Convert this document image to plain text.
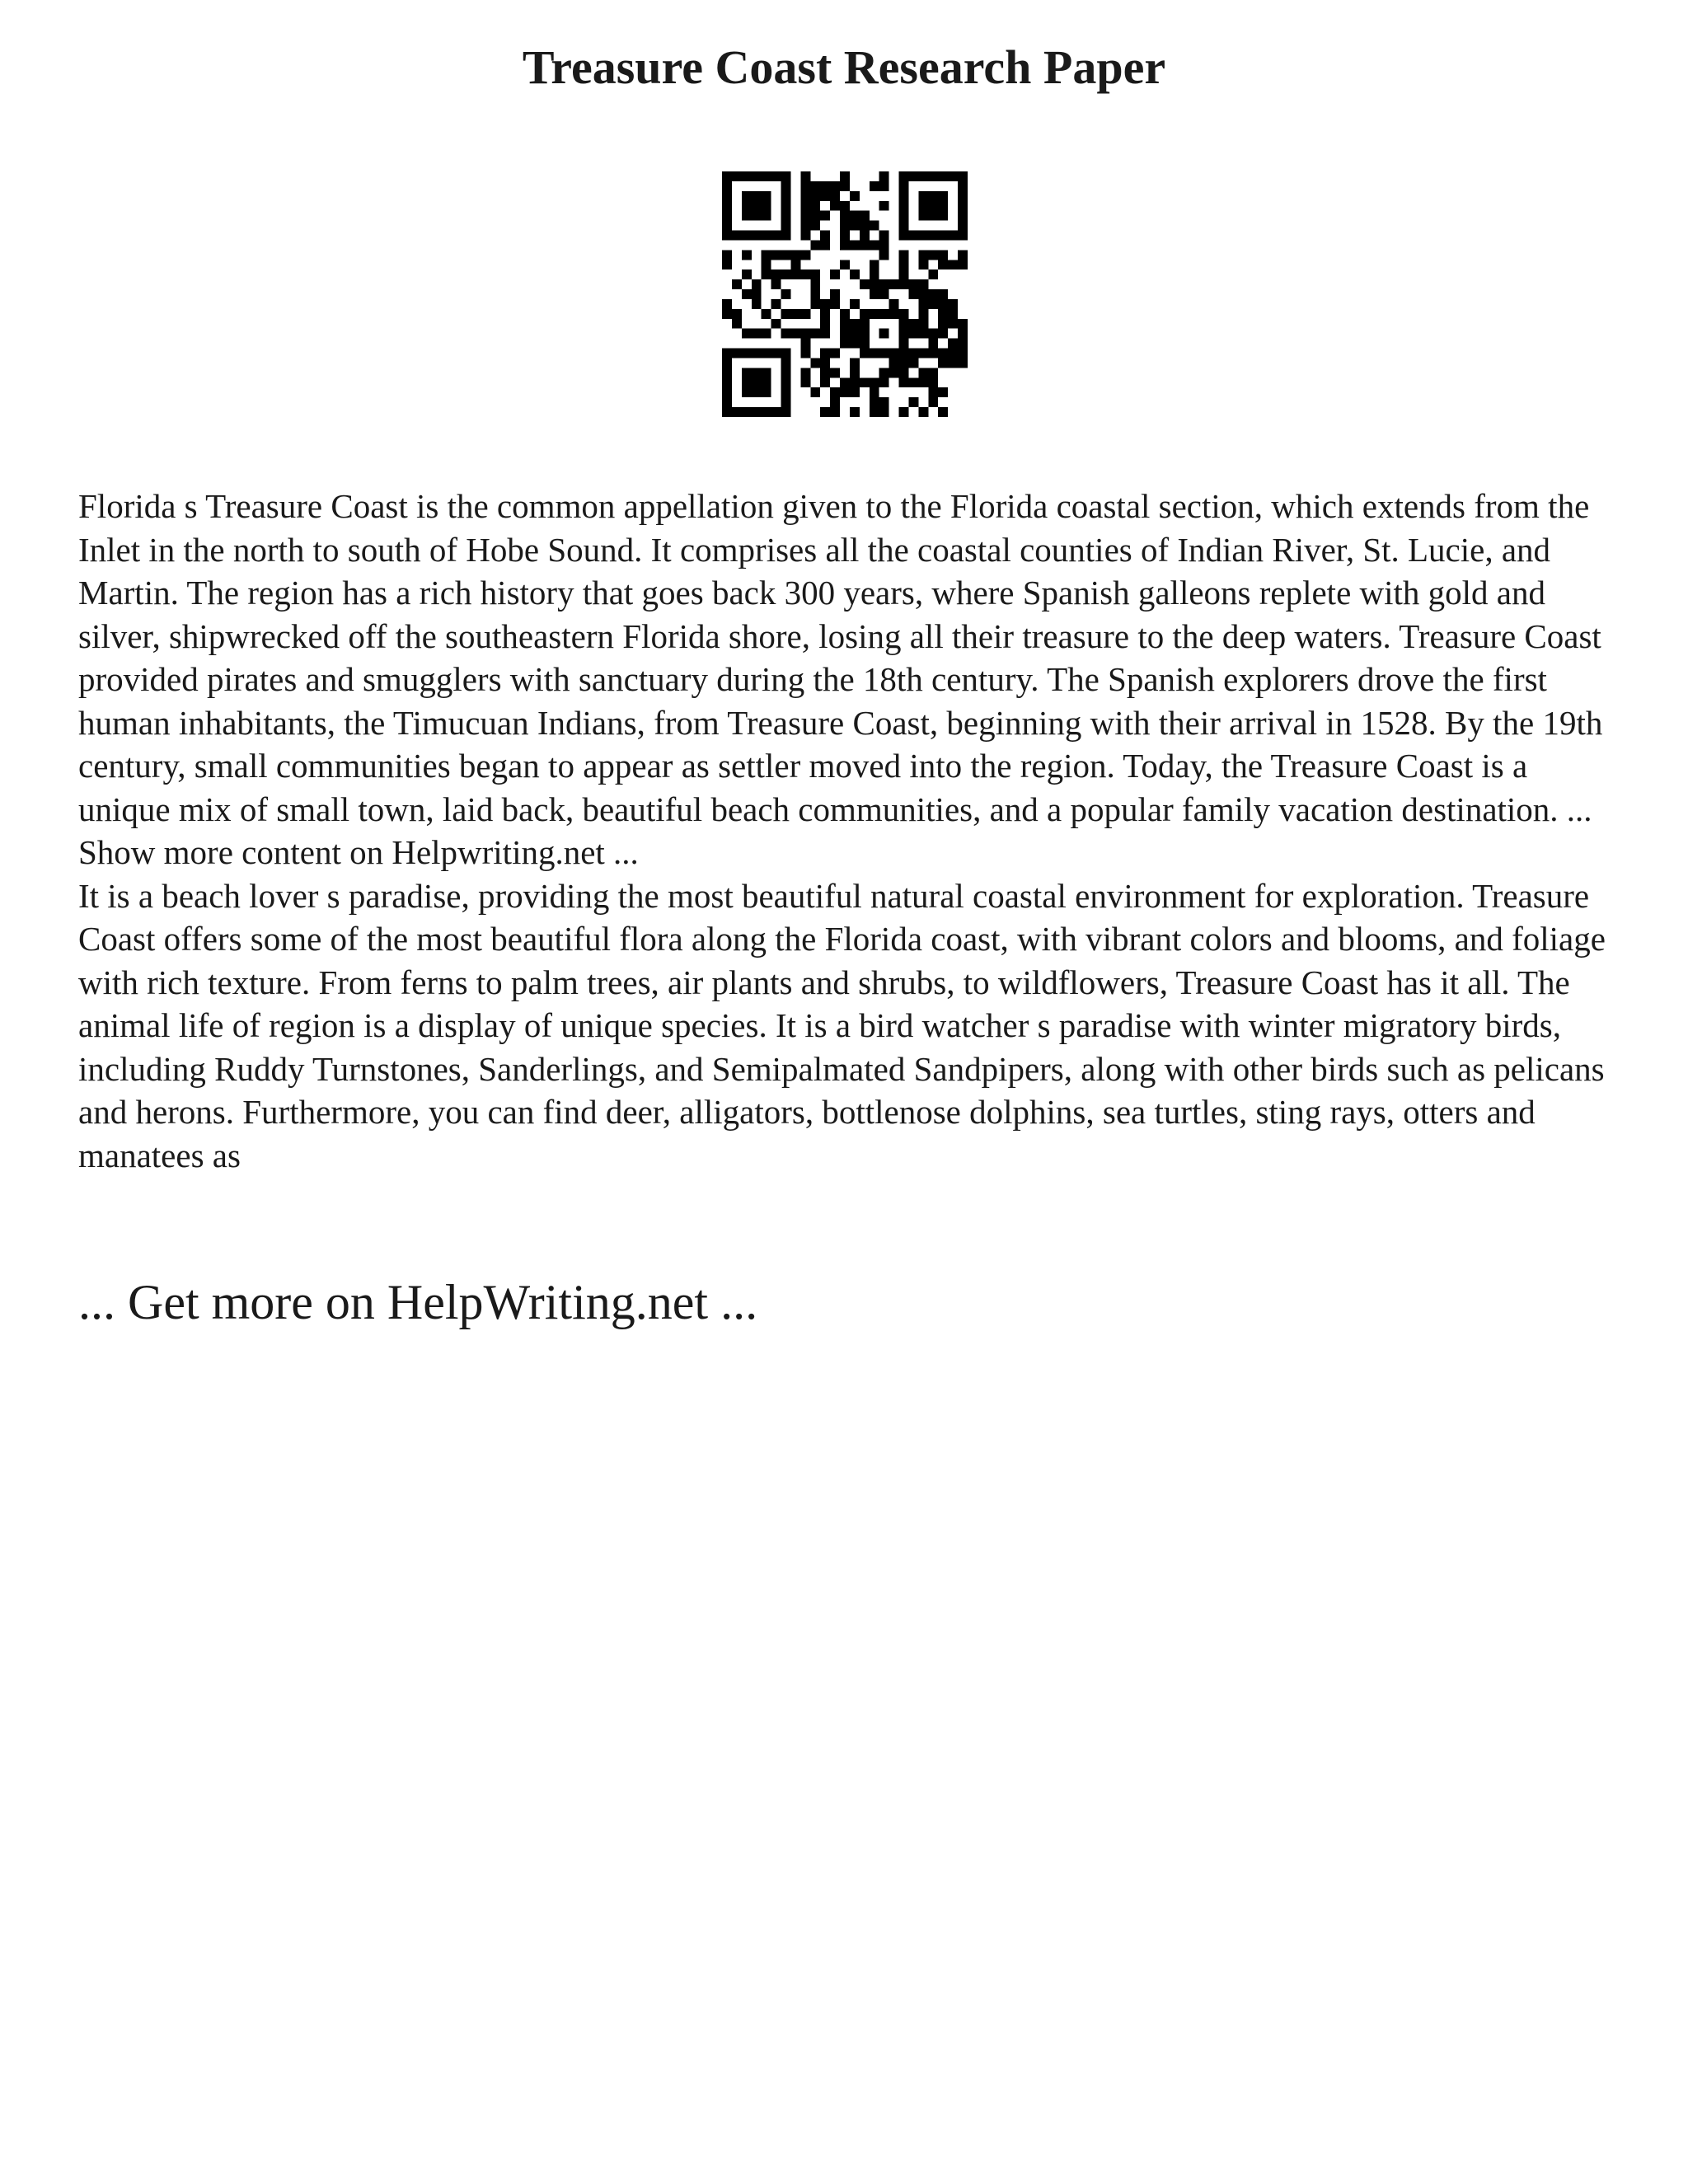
Treasure Coast Research Paper

Florida s Treasure Coast is the common appellation given to the Florida coastal section, which extends from the Inlet in the north to south of Hobe Sound. It comprises all the coastal counties of Indian River, St. Lucie, and Martin. The region has a rich history that goes back 300 years, where Spanish galleons replete with gold and silver, shipwrecked off the southeastern Florida shore, losing all their treasure to the deep waters. Treasure Coast provided pirates and smugglers with sanctuary during the 18th century. The Spanish explorers drove the first human inhabitants, the Timucuan Indians, from Treasure Coast, beginning with their arrival in 1528. By the 19th century, small communities began to appear as settler moved into the region. Today, the Treasure Coast is a unique mix of small town, laid back, beautiful beach communities, and a popular family vacation destination. ... Show more content on Helpwriting.net ...

It is a beach lover s paradise, providing the most beautiful natural coastal environment for exploration. Treasure Coast offers some of the most beautiful flora along the Florida coast, with vibrant colors and blooms, and foliage with rich texture. From ferns to palm trees, air plants and shrubs, to wildflowers, Treasure Coast has it all. The animal life of region is a display of unique species. It is a bird watcher s paradise with winter migratory birds, including Ruddy Turnstones, Sanderlings, and Semipalmated Sandpipers, along with other birds such as pelicans and herons. Furthermore, you can find deer, alligators, bottlenose dolphins, sea turtles, sting rays, otters and manatees as

... Get more on HelpWriting.net ...
